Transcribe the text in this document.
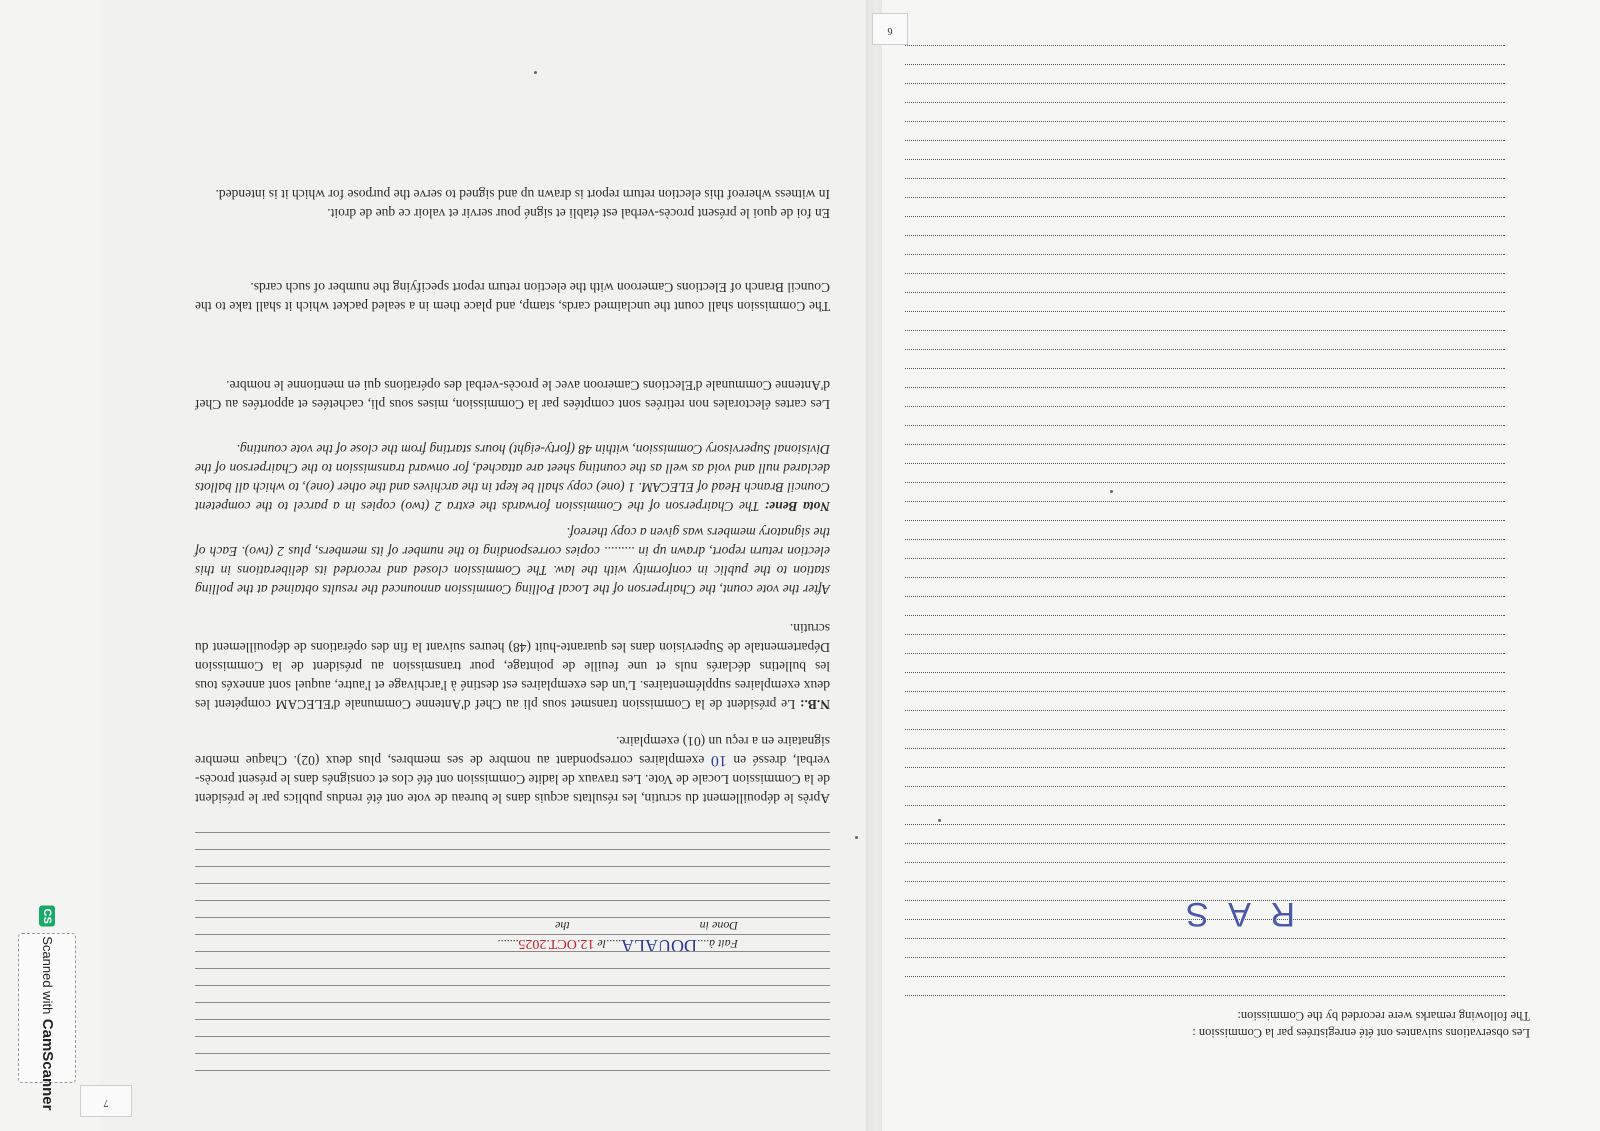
Fait à....DOUALA.....le 12.OCT.2025.......
Done inthe
En foi de quoi le présent procès-verbal est établi et signé pour servir et valoir ce que de droit.
In witness whereof this election return report is drawn up and signed to serve the purpose for which it is intended.
The Commission shall count the unclaimed cards, stamp, and place them in a sealed packet which it shall take to the Council Branch of Elections Cameroon with the election return report specifying the number of such cards.
Les cartes électorales non retirées sont comptées par la Commission, mises sous pli, cachetées et apportées au Chef d'Antenne Communale d'Elections Cameroon avec le procès-verbal des opérations qui en mentionne le nombre.
Nota Bene: The Chairperson of the Commission forwards the extra 2 (two) copies in a parcel to the competent Council Branch Head of ELECAM. 1 (one) copy shall be kept in the archives and the other (one), to which all ballots declared null and void as well as the counting sheet are attached, for onward transmission to the Chairperson of the Divisional Supervisory Commission, within 48 (forty-eight) hours starting from the close of the vote counting.
After the vote count, the Chairperson of the Local Polling Commission announced the results obtained at the polling station to the public in conformity with the law. The Commission closed and recorded its deliberations in this election return report, drawn up in ......... copies corresponding to the number of its members, plus 2 (two). Each of the signatory members was given a copy thereof.
N.B.: Le président de la Commission transmet sous pli au Chef d'Antenne Communale d'ELECAM compétent les deux exemplaires supplémentaires. L'un des exemplaires est destiné à l'archivage et l'autre, auquel sont annexés tous les bulletins déclarés nuls et une feuille de pointage, pour transmission au président de la Commission Départementale de Supervision dans les quarante-huit (48) heures suivant la fin des opérations de dépouillement du scrutin.
Après le dépouillement du scrutin, les résultats acquis dans le bureau de vote ont été rendus publics par le président de la Commission Locale de Vote. Les travaux de ladite Commission ont été clos et consignés dans le présent procès-verbal, dressé en 10 exemplaires correspondant au nombre de ses membres, plus deux (02). Chaque membre signataire en a reçu un (01) exemplaire.
7
Les observations suivantes ont été enregistrées par la Commission :
The following remarks were recorded by the Commission:
R A S
6
CS Scanned with CamScanner
